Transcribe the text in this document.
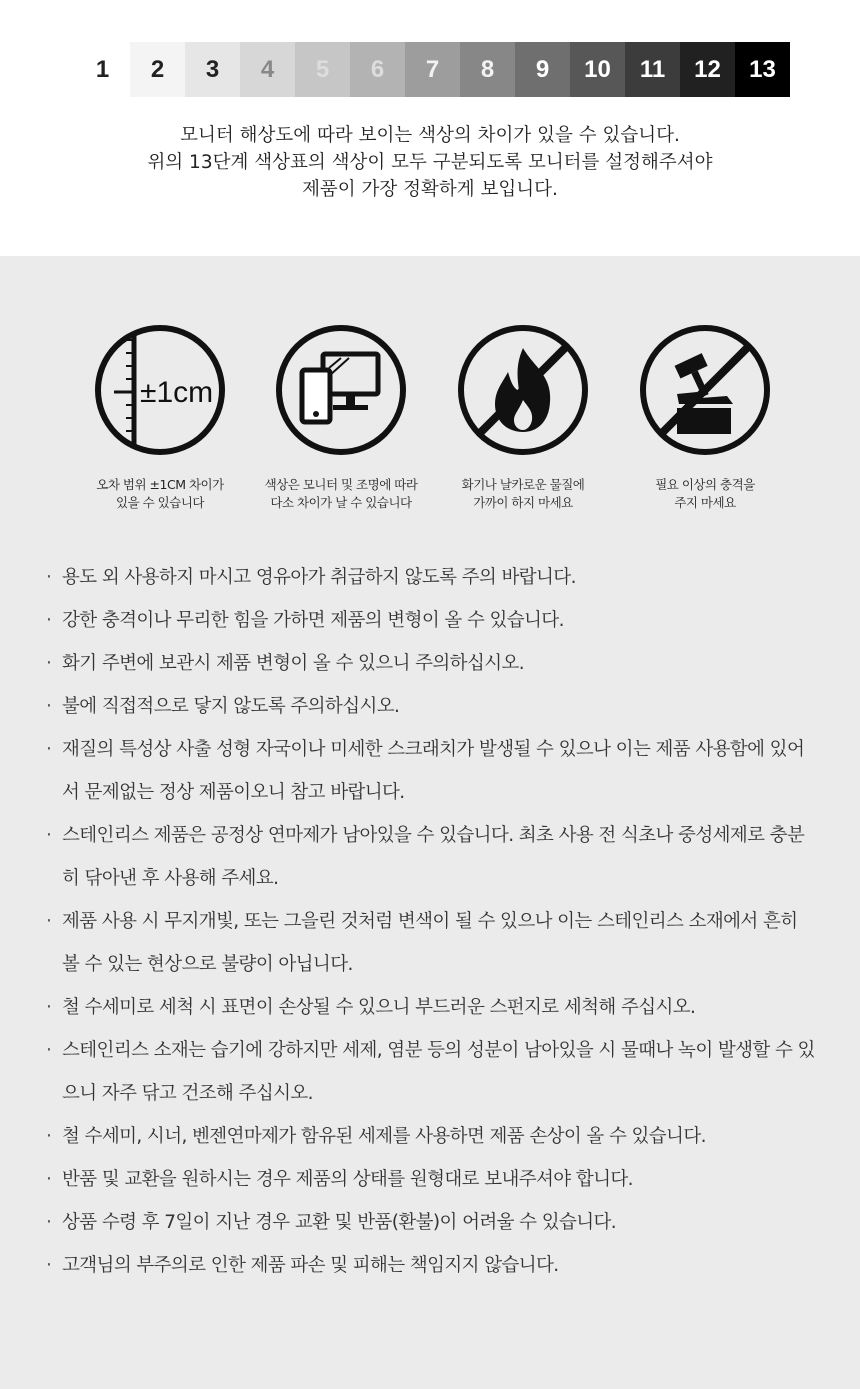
1	2	3	4	5	6	7	8	9	10	11	12	13
모니터 해상도에 따라 보이는 색상의 차이가 있을 수 있습니다.
위의 13단계 색상표의 색상이 모두 구분되도록 모니터를 설정해주셔야
제품이 가장 정확하게 보입니다.
±1cm
오차 범위 ±1CM 차이가
있을 수 있습니다
색상은 모니터 및 조명에 따라
다소 차이가 날 수 있습니다
화기나 날카로운 물질에
가까이 하지 마세요
필요 이상의 충격을
주지 마세요
· 용도 외 사용하지 마시고 영유아가 취급하지 않도록 주의 바랍니다.
· 강한 충격이나 무리한 힘을 가하면 제품의 변형이 올 수 있습니다.
· 화기 주변에 보관시 제품 변형이 올 수 있으니 주의하십시오.
· 불에 직접적으로 닿지 않도록 주의하십시오.
· 재질의 특성상 사출 성형 자국이나 미세한 스크래치가 발생될 수 있으나 이는 제품 사용함에 있어서 문제없는 정상 제품이오니 참고 바랍니다.
· 스테인리스 제품은 공정상 연마제가 남아있을 수 있습니다. 최초 사용 전 식초나 중성세제로 충분히 닦아낸 후 사용해 주세요.
· 제품 사용 시 무지개빛, 또는 그을린 것처럼 변색이 될 수 있으나 이는 스테인리스 소재에서 흔히 볼 수 있는 현상으로 불량이 아닙니다.
· 철 수세미로 세척 시 표면이 손상될 수 있으니 부드러운 스펀지로 세척해 주십시오.
· 스테인리스 소재는 습기에 강하지만 세제, 염분 등의 성분이 남아있을 시 물때나 녹이 발생할 수 있으니 자주 닦고 건조해 주십시오.
· 철 수세미, 시너, 벤젠연마제가 함유된 세제를 사용하면 제품 손상이 올 수 있습니다.
· 반품 및 교환을 원하시는 경우 제품의 상태를 원형대로 보내주셔야 합니다.
· 상품 수령 후 7일이 지난 경우 교환 및 반품(환불)이 어려울 수 있습니다.
· 고객님의 부주의로 인한 제품 파손 및 피해는 책임지지 않습니다.
